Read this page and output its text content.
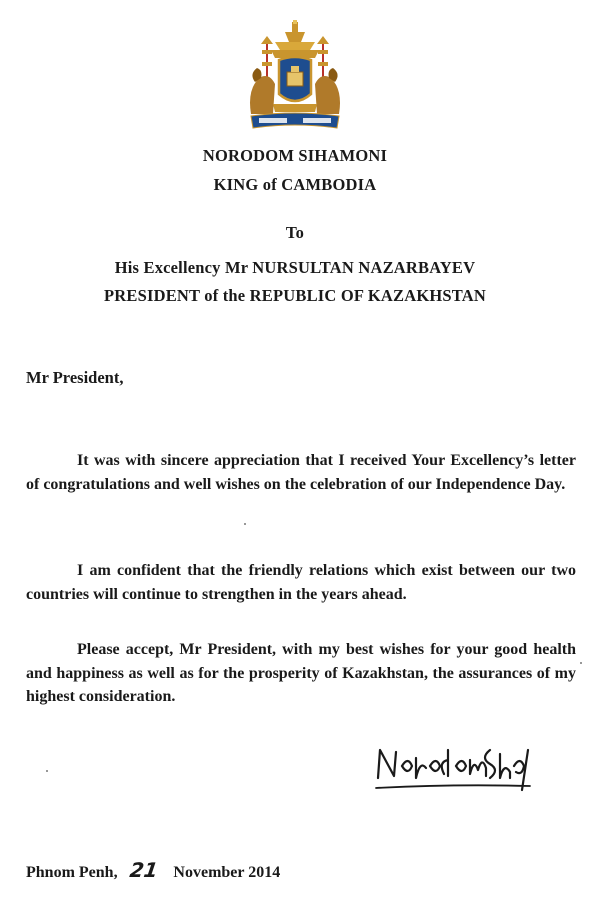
NORODOM SIHAMONI
KING of CAMBODIA
To
His Excellency Mr NURSULTAN NAZARBAYEV
PRESIDENT of the REPUBLIC OF KAZAKHSTAN
Mr President,

It was with sincere appreciation that I received Your Excellency’s letter of congratulations and well wishes on the celebration of our Independence Day.

I am confident that the friendly relations which exist between our two countries will continue to strengthen in the years ahead.

Please accept, Mr President, with my best wishes for your good health and happiness as well as for the prosperity of Kazakhstan, the assurances of my highest consideration.

Phnom Penh, 21 November 2014
